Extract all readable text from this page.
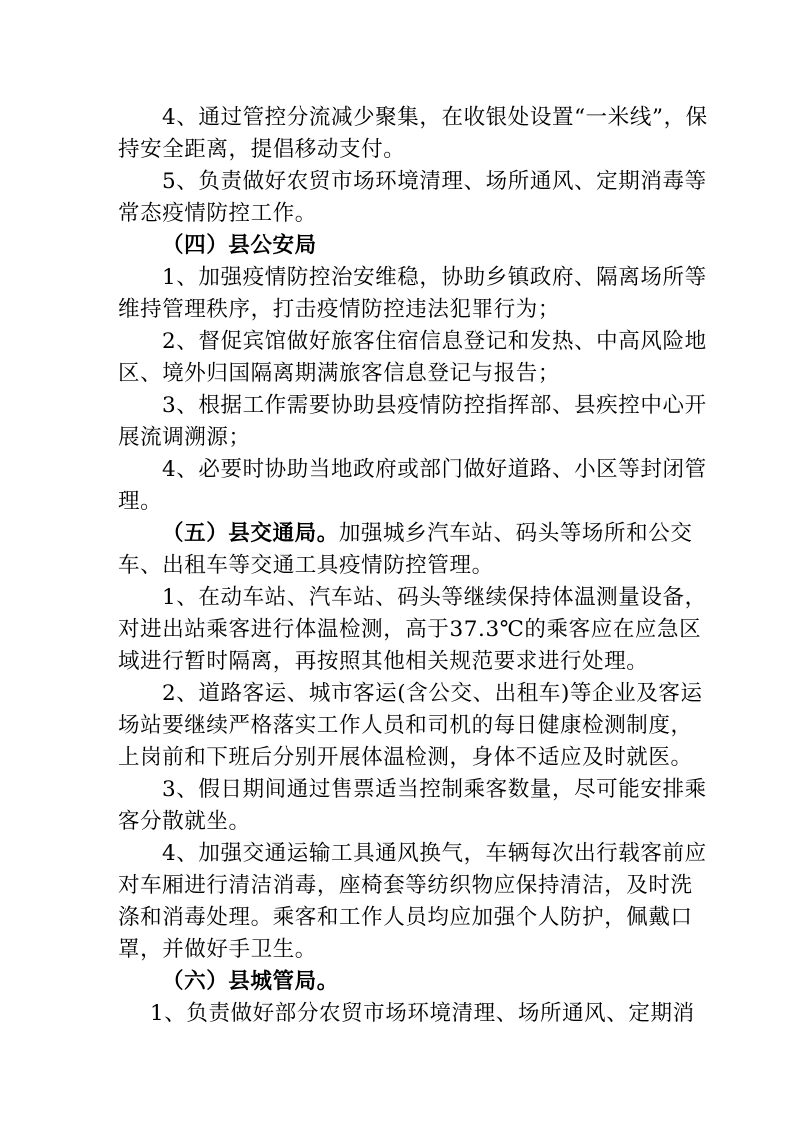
4、通过管控分流减少聚集，在收银处设置“一米线”，保
持安全距离，提倡移动支付。
5、负责做好农贸市场环境清理、场所通风、定期消毒等
常态疫情防控工作。
（四）县公安局
1、加强疫情防控治安维稳，协助乡镇政府、隔离场所等
维持管理秩序，打击疫情防控违法犯罪行为；
2、督促宾馆做好旅客住宿信息登记和发热、中高风险地
区、境外归国隔离期满旅客信息登记与报告；
3、根据工作需要协助县疫情防控指挥部、县疾控中心开
展流调溯源；
4、必要时协助当地政府或部门做好道路、小区等封闭管
理。
（五）县交通局。加强城乡汽车站、码头等场所和公交
车、出租车等交通工具疫情防控管理。
1、在动车站、汽车站、码头等继续保持体温测量设备，
对进出站乘客进行体温检测，高于37.3℃的乘客应在应急区
域进行暂时隔离，再按照其他相关规范要求进行处理。
2、道路客运、城市客运(含公交、出租车)等企业及客运
场站要继续严格落实工作人员和司机的每日健康检测制度，
上岗前和下班后分别开展体温检测，身体不适应及时就医。
3、假日期间通过售票适当控制乘客数量，尽可能安排乘
客分散就坐。
4、加强交通运输工具通风换气，车辆每次出行载客前应
对车厢进行清洁消毒，座椅套等纺织物应保持清洁，及时洗
涤和消毒处理。乘客和工作人员均应加强个人防护，佩戴口
罩，并做好手卫生。
（六）县城管局。
1、负责做好部分农贸市场环境清理、场所通风、定期消
